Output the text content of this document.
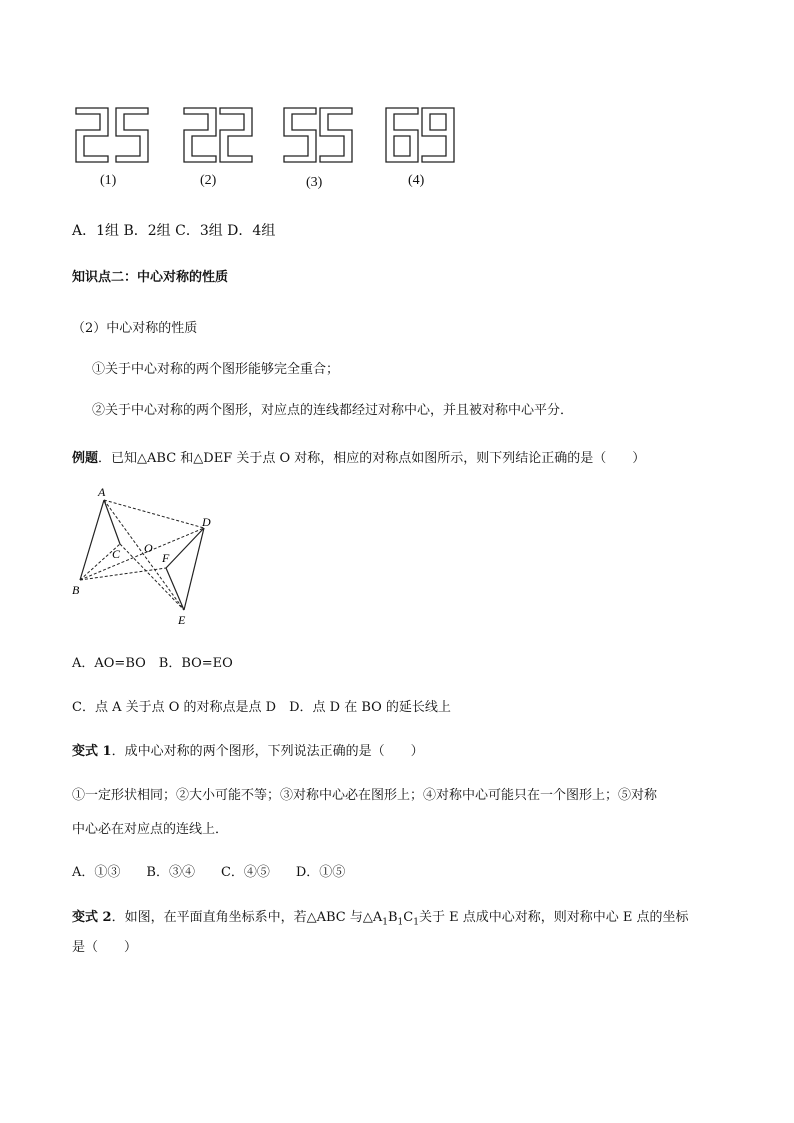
(1)	(2)	(3)	(4)
A．1组 B．2组 C．3组 D．4组
知识点二：中心对称的性质
（2）中心对称的性质
①关于中心对称的两个图形能够完全重合；
②关于中心对称的两个图形，对应点的连线都经过对称中心，并且被对称中心平分．
例题．已知△ABC 和△DEF 关于点 O 对称，相应的对称点如图所示，则下列结论正确的是（　　）
A
B
C
D
E
F
O
A．AO=BO　B．BO=EO
C．点 A 关于点 O 的对称点是点 D　D．点 D 在 BO 的延长线上
变式 1．成中心对称的两个图形，下列说法正确的是（　　）
①一定形状相同；②大小可能不等；③对称中心必在图形上；④对称中心可能只在一个图形上；⑤对称
中心必在对应点的连线上．
A．①③　　B．③④　　C．④⑤　　D．①⑤
变式 2．如图，在平面直角坐标系中，若△ABC 与$\triangle A_1B_1C_1$关于 E 点成中心对称，则对称中心 E 点的坐标
是（　　）
